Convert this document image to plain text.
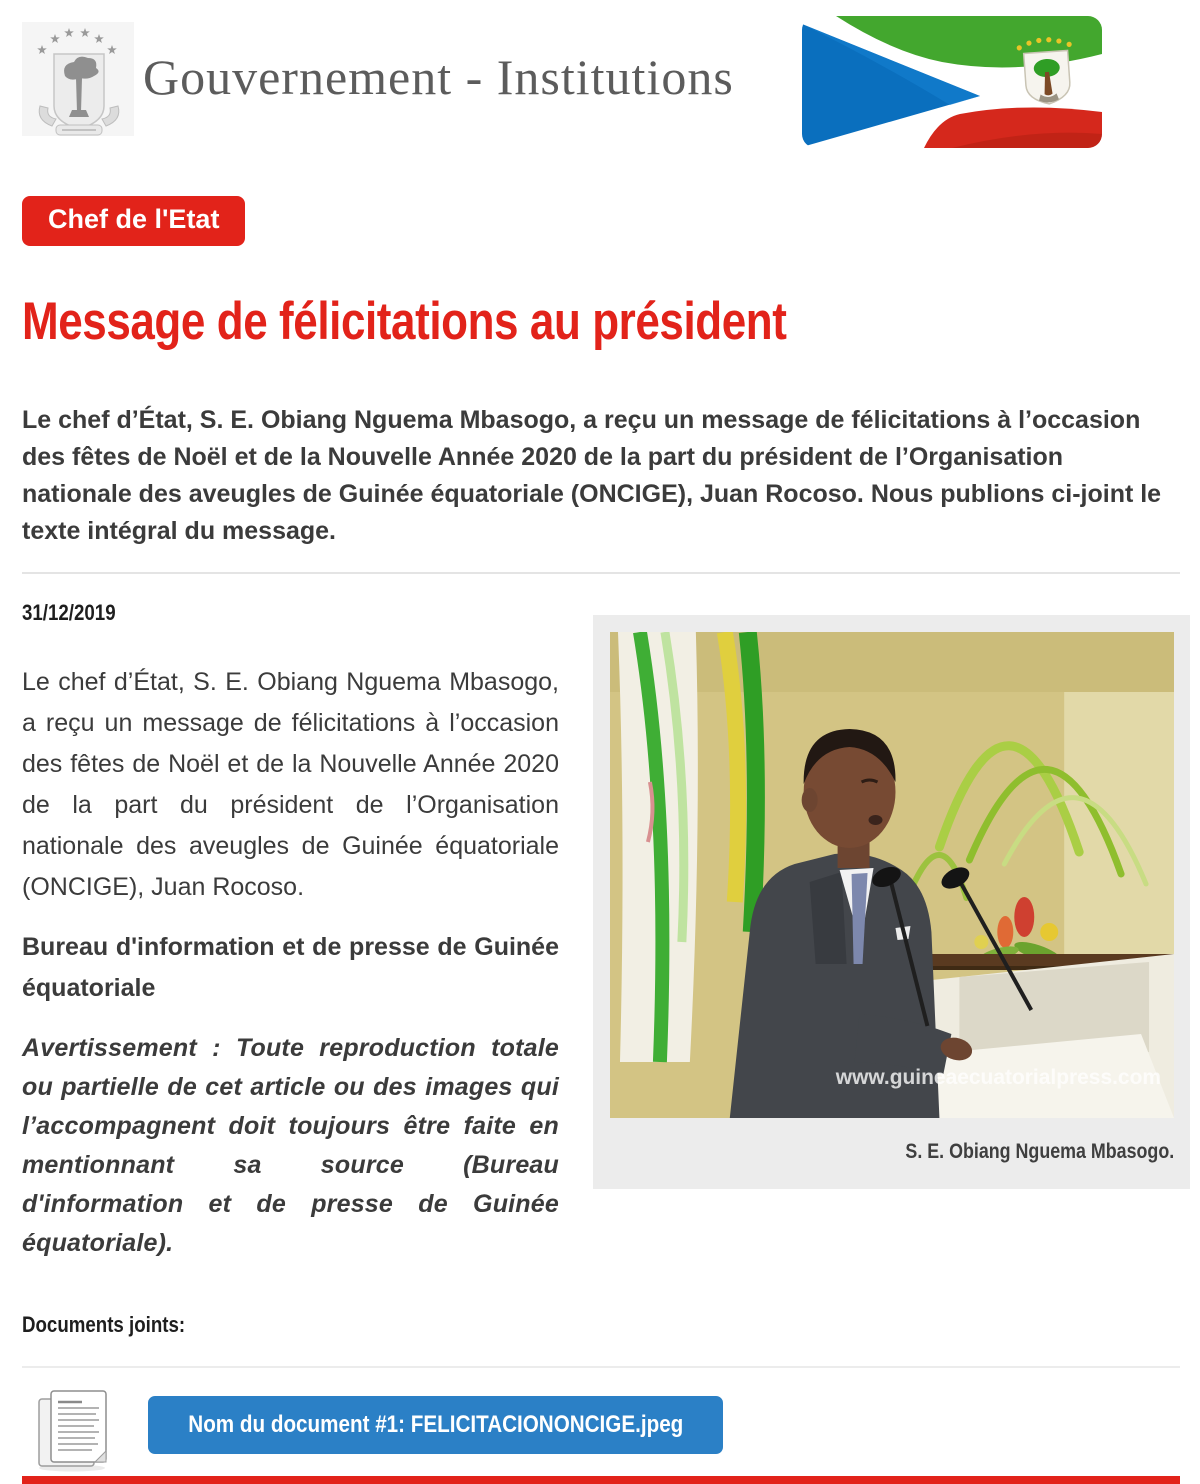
Gouvernement - Institutions
Chef de l'Etat
Message de félicitations au président

Le chef d’État, S. E. Obiang Nguema Mbasogo, a reçu un message de félicitations à l’occasion des fêtes de Noël et de la Nouvelle Année 2020 de la part du président de l’Organisation nationale des aveugles de Guinée équatoriale (ONCIGE), Juan Rocoso. Nous publions ci-joint le texte intégral du message.

31/12/2019

Le chef d’État, S. E. Obiang Nguema Mbasogo, a reçu un message de félicitations à l’occasion des fêtes de Noël et de la Nouvelle Année 2020 de la part du président de l’Organisation nationale des aveugles de Guinée équatoriale (ONCIGE), Juan Rocoso.

Bureau d'information et de presse de Guinée équatoriale

Avertissement : Toute reproduction totale ou partielle de cet article ou des images qui l’accompagnent doit toujours être faite en mentionnant sa source (Bureau d'information et de presse de Guinée équatoriale).

www.guineaecuatorialpress.com
S. E. Obiang Nguema Mbasogo.
Documents joints:
Nom du document #1: FELICITACIONONCIGE.jpeg
